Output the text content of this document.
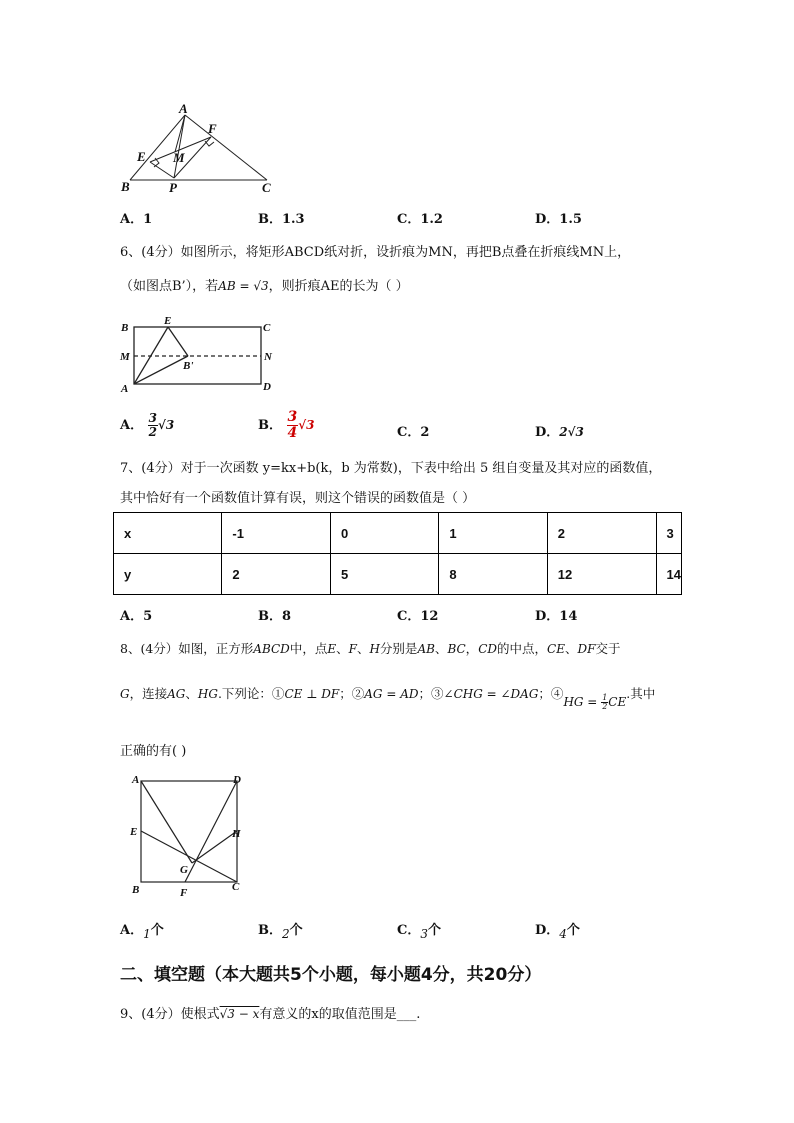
A
F
E M
B	P	C
A．1	B．1.3	C．1.2	D．1.5
6、(4分）如图所示，将矩形ABCD纸对折，设折痕为MN，再把B点叠在折痕线MN上，
（如图点B’），若AB = √3，则折痕AE的长为（ ）
B
E
C
M	N
B'
A	D
A． $\frac{3}{2} √3$	B． $\frac{3}{4} √3$	C．2	D．2√3
7、(4分）对于一次函数 y=kx+b(k，b 为常数)，下表中给出 5 组自变量及其对应的函数值，
其中恰好有一个函数值计算有误，则这个错误的函数值是（ ）
x	-1	0	1	2	3
y	2	5	8	12	14
A．5	B．8	C．12	D．14
8、(4分）如图，正方形ABCD中，点E、F、H分别是AB、BC，CD的中点，CE、DF交于
G，连接AG、HG.下列论：①CE ⊥ DF；②AG = AD；③∠CHG = ∠DAG；④HG = $\frac{1}{2}$ CE.其中
正确的有( )
A	D
E	H
G
B	F	C
A．1个	B．2个	C．3个	D．4个
二、填空题（本大题共5个小题，每小题4分，共20分）
9、(4分）使根式√3 − x有意义的x的取值范围是___.
